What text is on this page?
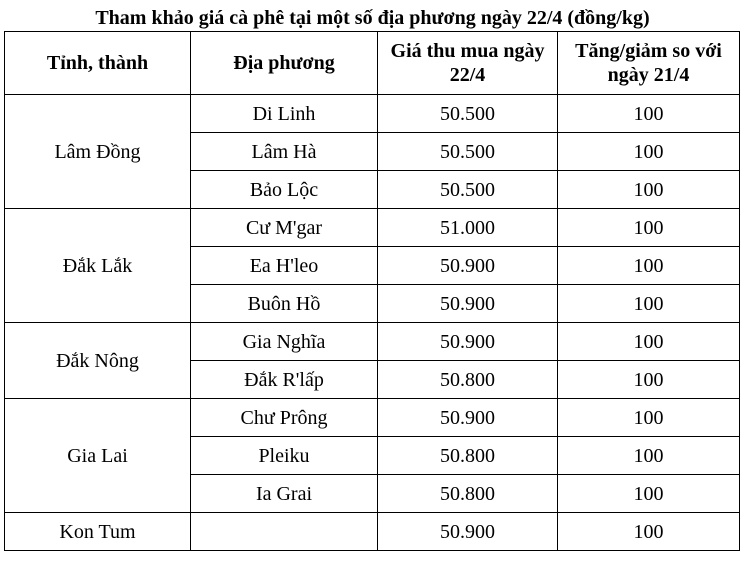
Tham khảo giá cà phê tại một số địa phương ngày 22/4 (đồng/kg)
Tỉnh, thành	Địa phương	Giá thu mua ngày 22/4	Tăng/giảm so với ngày 21/4
Lâm Đồng	Di Linh	50.500	100
	Lâm Hà	50.500	100
	Bảo Lộc	50.500	100
Đắk Lắk	Cư M'gar	51.000	100
	Ea H'leo	50.900	100
	Buôn Hồ	50.900	100
Đắk Nông	Gia Nghĩa	50.900	100
	Đắk R'lấp	50.800	100
Gia Lai	Chư Prông	50.900	100
	Pleiku	50.800	100
	Ia Grai	50.800	100
Kon Tum		50.900	100
